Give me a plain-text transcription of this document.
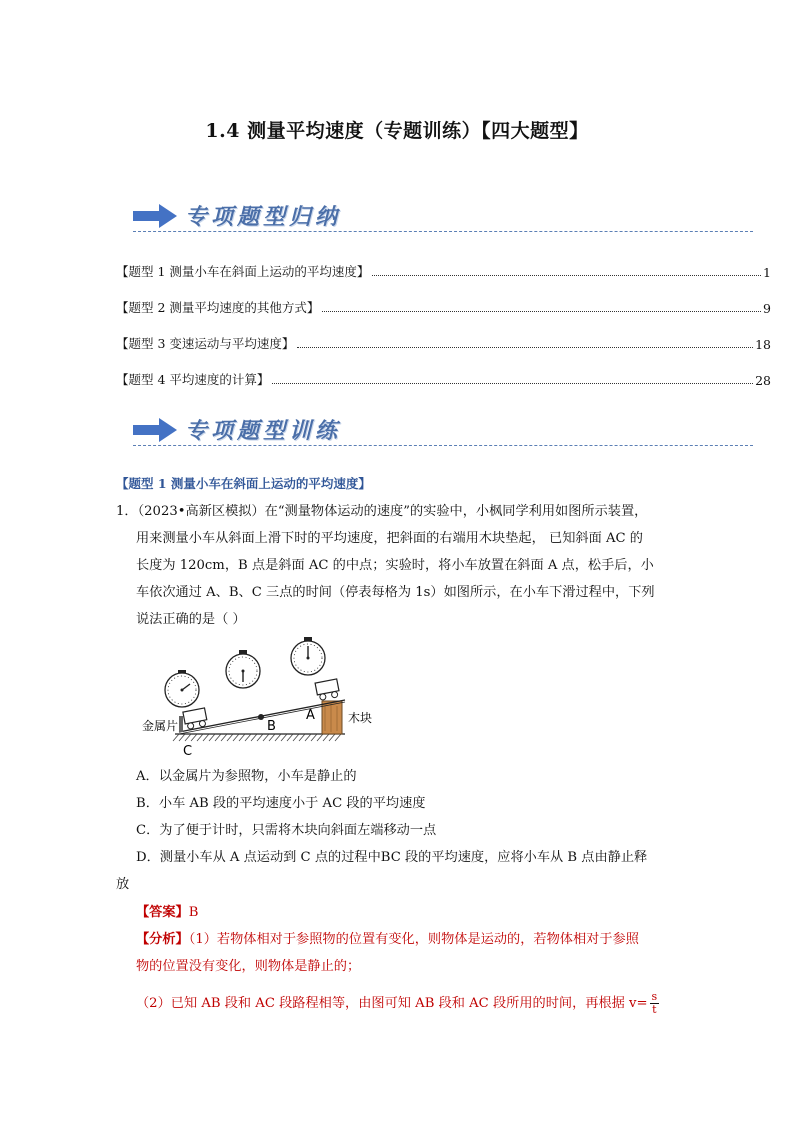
1.4 测量平均速度（专题训练）【四大题型】
专项题型归纳
【题型 1 测量小车在斜面上运动的平均速度】	1
【题型 2 测量平均速度的其他方式】	9
【题型 3 变速运动与平均速度】	18
【题型 4 平均速度的计算】	28
专项题型训练
【题型 1 测量小车在斜面上运动的平均速度】
1．（2023•高新区模拟）在“测量物体运动的速度”的实验中，小枫同学利用如图所示装置，
用来测量小车从斜面上滑下时的平均速度，把斜面的右端用木块垫起， 已知斜面 AC 的
长度为 120cm，B 点是斜面 AC 的中点；实验时，将小车放置在斜面 A 点，松手后，小
车依次通过 A、B、C 三点的时间（停表每格为 1s）如图所示，在小车下滑过程中，下列
说法正确的是（ ）
金属片
木块
A
B
C
A．以金属片为参照物，小车是静止的
B．小车 AB 段的平均速度小于 AC 段的平均速度
C．为了便于计时，只需将木块向斜面左端移动一点
D．测量小车从 A 点运动到 C 点的过程中BC 段的平均速度，应将小车从 B 点由静止释
放
【答案】B
【分析】（1）若物体相对于参照物的位置有变化，则物体是运动的，若物体相对于参照
物的位置没有变化，则物体是静止的；
（2）已知 AB 段和 AC 段路程相等，由图可知 AB 段和 AC 段所用的时间，再根据 $v= \frac{s}{t}$
